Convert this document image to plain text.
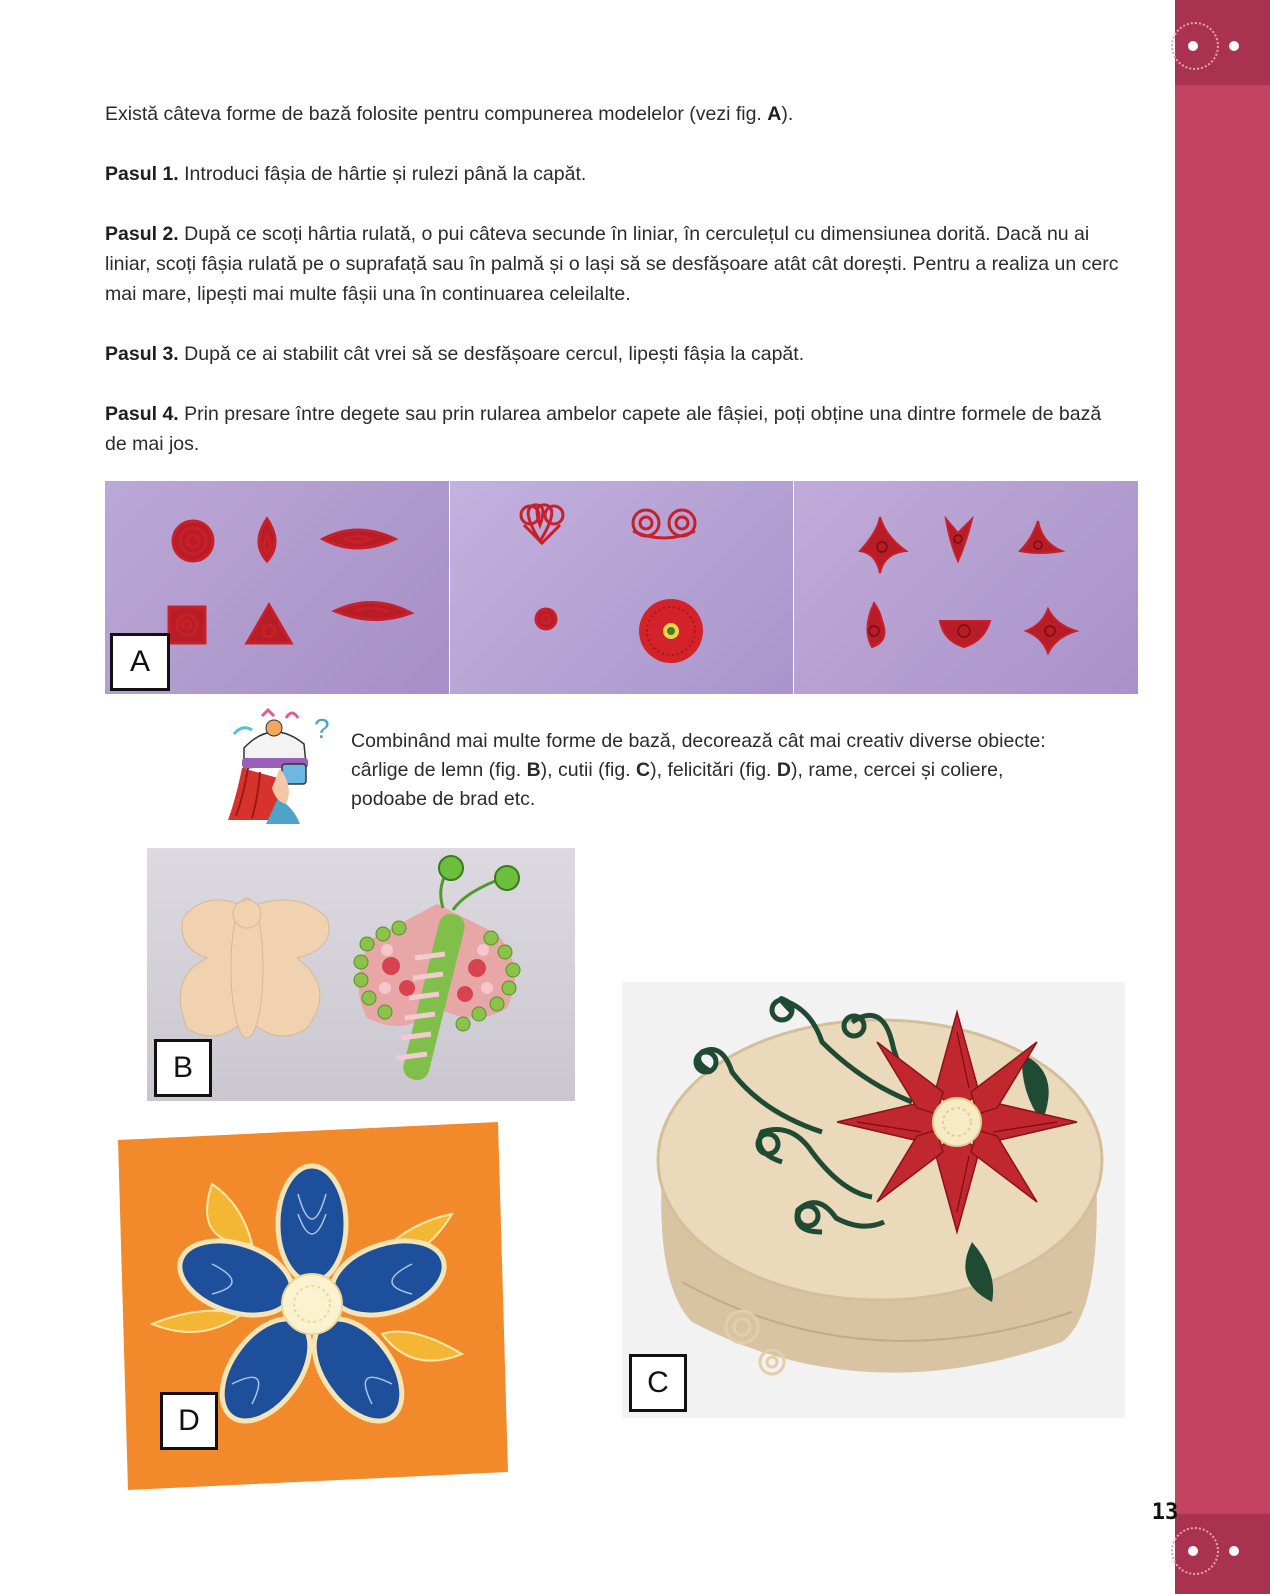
13
Există câteva forme de bază folosite pentru compunerea modelelor (vezi fig. A).
Pasul 1. Introduci fâșia de hârtie și rulezi până la capăt.
Pasul 2. După ce scoți hârtia rulată, o pui câteva secunde în liniar, în cerculețul cu dimensiunea dorită. Dacă nu ai
liniar, scoți fâșia rulată pe o suprafață sau în palmă și o lași să se desfășoare atât cât dorești. Pentru a realiza un cerc
mai mare, lipești mai multe fâșii una în continuarea celeilalte.
Pasul 3. După ce ai stabilit cât vrei să se desfășoare cercul, lipești fâșia la capăt.
Pasul 4. Prin presare între degete sau prin rularea ambelor capete ale fâșiei, poți obține una dintre formele de bază
de mai jos.
A
? Combinând mai multe forme de bază, decorează cât mai creativ diverse obiecte:
cârlige de lemn (fig. B), cutii (fig. C), felicitări (fig. D), rame, cercei și coliere,
podoabe de brad etc.
B
D
C
